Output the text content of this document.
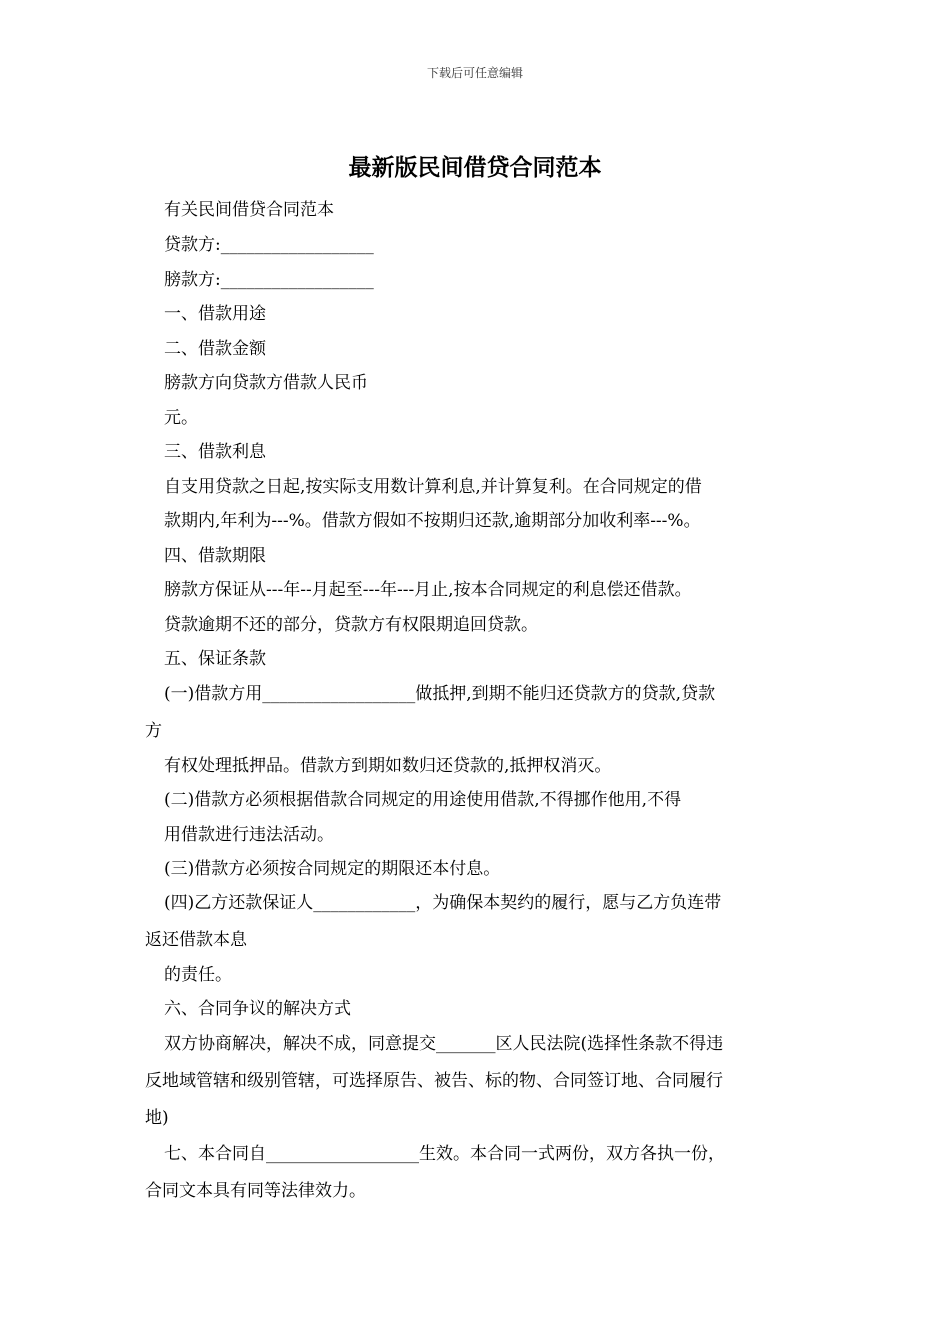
下载后可任意编辑
最新版民间借贷合同范本
有关民间借贷合同范本
贷款方:__________________
膀款方:__________________
一、借款用途
二、借款金额
膀款方向贷款方借款人民币
元。
三、借款利息
自支用贷款之日起,按实际支用数计算利息,并计算复利。在合同规定的借
款期内,年利为---%。借款方假如不按期归还款,逾期部分加收利率---%。
四、借款期限
膀款方保证从---年--月起至---年---月止,按本合同规定的利息偿还借款。
贷款逾期不还的部分，贷款方有权限期追回贷款。
五、保证条款
(一)借款方用__________________做抵押,到期不能归还贷款方的贷款,贷款
方
有权处理抵押品。借款方到期如数归还贷款的,抵押权消灭。
(二)借款方必须根据借款合同规定的用途使用借款,不得挪作他用,不得
用借款进行违法活动。
(三)借款方必须按合同规定的期限还本付息。
(四)乙方还款保证人____________，为确保本契约的履行，愿与乙方负连带
返还借款本息
的责任。
六、合同争议的解决方式
双方协商解决，解决不成，同意提交_______区人民法院(选择性条款不得违
反地域管辖和级别管辖，可选择原告、被告、标的物、合同签订地、合同履行
地)
七、本合同自__________________生效。本合同一式两份，双方各执一份，
合同文本具有同等法律效力。
